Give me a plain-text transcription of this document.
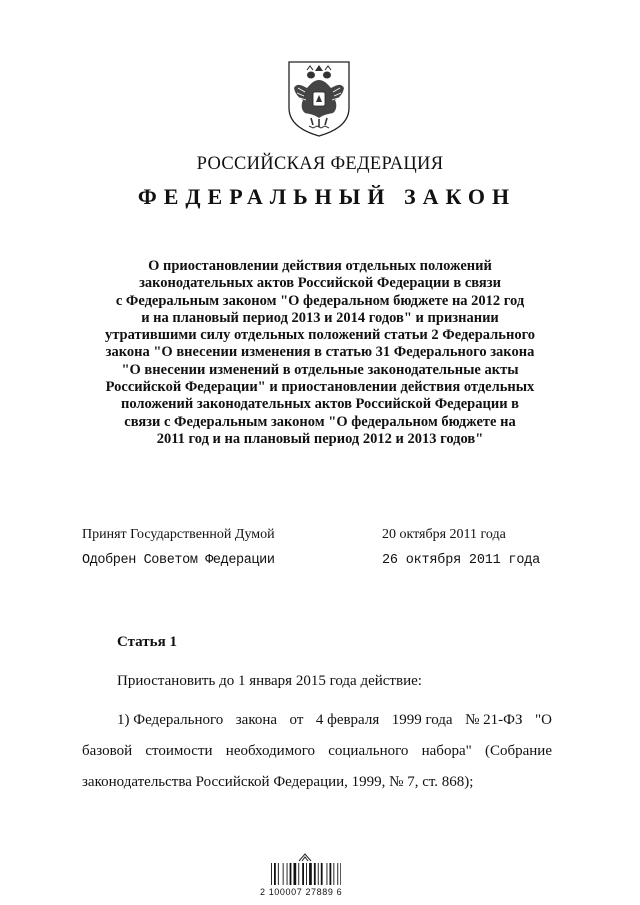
РОССИЙСКАЯ ФЕДЕРАЦИЯ
ФЕДЕРАЛЬНЫЙ ЗАКОН
О приостановлении действия отдельных положений
законодательных актов Российской Федерации в связи
с Федеральным законом "О федеральном бюджете на 2012 год
и на плановый период 2013 и 2014 годов" и признании
утратившими силу отдельных положений статьи 2 Федерального
закона "О внесении изменения в статью 31 Федерального закона
"О внесении изменений в отдельные законодательные акты
Российской Федерации" и приостановлении действия отдельных
положений законодательных актов Российской Федерации в
связи с Федеральным законом "О федеральном бюджете на
2011 год и на плановый период 2012 и 2013 годов"
Принят Государственной Думой	20 октября 2011 года
Одобрен Советом Федерации	26 октября 2011 года
Статья 1
Приостановить до 1 января 2015 года действие:
1) Федерального закона от 4 февраля 1999 года № 21-ФЗ "О
базовой стоимости необходимого социального набора" (Собрание
законодательства Российской Федерации, 1999, № 7, ст. 868);
2 100007 27889 6
